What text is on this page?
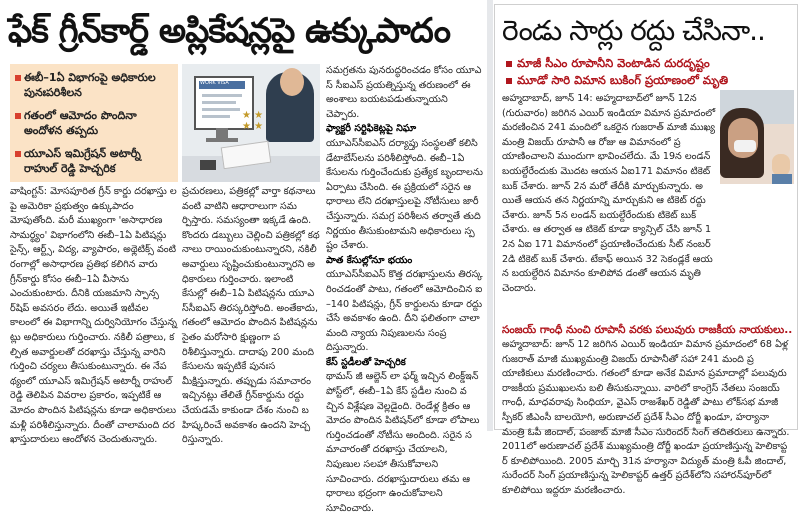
ఫేక్ గ్రీన్‌కార్డ్ అప్లికేషన్లపై ఉక్కుపాదం
ఈబీ–1ఏ విభాగంపై అధికారుల పునఃపరిశీలన
గతంలో ఆమోదం పొందినా అందోళన తప్పదు
యూఎస్ ఇమిగ్రేషన్ అటార్నీ రాహుల్ రెడ్డి హెచ్చరిక
WORK VISA
★ ★
★ ★
వాషింగ్టన్: మోసపూరిత గ్రీన్ కార్డు దరఖాస్తు లపై అమెరికా ప్రభుత్వం ఉక్కుపాదం మోపుతోంది. మరీ ముఖ్యంగా 'అసాధారణ సామర్థ్యం' విభాగంలోని ఈబీ–1ఏ పిటిషన్లు సైన్స్, ఆర్ట్స్, విద్య, వ్యాపారం, అథ్లెటిక్స్ వంటి రంగాల్లో అసాధారణ ప్రతిభ కలిగిన వారు గ్రీన్‌కార్డు కోసం ఈబీ–1ఏ వీసాను ఎంచుకుంటారు. దీనికి యజమాని స్పాన్సర్‌షిప్ అవసరం లేదు. అయితే ఇటీవల కాలంలో ఈ విభాగాన్ని దుర్వినియోగం చేస్తున్నట్లు అధికారులు గుర్తించారు. నకిలీ పత్రాలు, కల్పిత అవార్డులతో దరఖాస్తు చేస్తున్న వారిని గుర్తించి చర్యలు తీసుకుంటున్నారు. ఈ నేపథ్యంలో యూఎస్ ఇమిగ్రేషన్ అటార్నీ రాహుల్ రెడ్డి తెలిపిన వివరాల ప్రకారం, ఇప్పటికే ఆమోదం పొందిన పిటిషన్లను కూడా అధికారులు మళ్లీ పరిశీలిస్తున్నారు. దీంతో చాలామంది దరఖాస్తుదారులు ఆందోళన చెందుతున్నారు.
ప్రచురణలు, పత్రికల్లో వార్తా కథనాలు వంటి వాటిని ఆధారాలుగా సమర్పిస్తారు. సమస్యంతా ఇక్కడే ఉంది. కొందరు డబ్బులు చెల్లించి పత్రికల్లో కథనాలు రాయించుకుంటున్నారని, నకిలీ అవార్డులు సృష్టించుకుంటున్నారని అధికారులు గుర్తించారు. ఇలాంటి కేసుల్లో ఈబీ–1ఏ పిటిషన్లను యూఎస్‌సీఐఎస్ తిరస్కరిస్తోంది. అంతేకాదు, గతంలో ఆమోదం పొందిన పిటిషన్లను సైతం మరోసారి క్షుణ్ణంగా పరిశీలిస్తున్నారు. దాదాపు 200 మంది కేసులను ఇప్పటికే పునఃసమీక్షిస్తున్నారు. తప్పుడు సమాచారం ఇచ్చినట్లు తేలితే గ్రీన్‌కార్డును రద్దు చేయడమే కాకుండా దేశం నుంచి బహిష్కరించే అవకాశం ఉందని హెచ్చరిస్తున్నారు.
సమగ్రతను పునరుద్ధరించడం కోసం యూఎస్ సీఐఎస్ ప్రయత్నిస్తున్న తరుణంలో ఈ అంశాలు బయటపడుతున్నాయని చెప్పారు.
ఫ్యాక్టరీ సర్టిఫికెట్లపై నిఘా
యూఎస్‌సీఐఎస్ దర్యాప్తు సంస్థలతో కలిసి డేటాబేస్‌లను పరిశీలిస్తోంది. ఈబీ–1ఏ కేసులను గుర్తించేందుకు ప్రత్యేక బృందాలను ఏర్పాటు చేసింది. ఈ ప్రక్రియలో సరైన ఆధారాలు లేని దరఖాస్తులపై నోటీసులు జారీ చేస్తున్నారు. సమగ్ర పరిశీలన తర్వాతే తుది నిర్ణయం తీసుకుంటామని అధికారులు స్పష్టం చేశారు.
పాత కేసుల్లోనూ భయం
యూఎస్‌సీఐఎస్ కొత్త దరఖాస్తులను తిరస్కరించడంతో పాటు, గతంలో ఆమోదించిన ఐ–140 పిటిషన్లు, గ్రీన్ కార్డులను కూడా రద్దు చేసే అవకాశం ఉంది. దీని ఫలితంగా చాలా మంది న్యాయ నిపుణులను సంప్రదిస్తున్నారు.
కేస్ స్టడీలతో హెచ్చరిక
థామస్ జీ ఆల్జెన్ లా ఫర్మ్ ఇచ్చిన లింక్డ్‌ఇన్ పోస్ట్‌లో, ఈబీ–1ఏ కేస్ స్టడీల నుంచి వచ్చిన విశ్లేషణ వెల్లడైంది. రెండేళ్ల క్రితం ఆమోదం పొందిన పిటిషన్‌లో కూడా లోపాలు గుర్తించడంతో నోటీసు అందింది. సరైన సమాచారంతో దరఖాస్తు చేయాలని, నిపుణుల సలహా తీసుకోవాలని సూచించారు. దరఖాస్తుదారులు తమ ఆధారాలు భద్రంగా ఉంచుకోవాలని సూచించారు.
రెండు సార్లు రద్దు చేసినా..
మాజీ సీఎం రూపానీని వెంటాడిన దురదృష్టం
మూడో సారి విమాన బుకింగ్ ప్రయాణంలో మృతి
అహ్మదాబాద్, జూన్ 14: అహ్మదాబాద్‌లో జూన్ 12న (గురువారం) జరిగిన ఎయిర్ ఇండియా విమాన ప్రమాదంలో మరణించిన 241 మందిలో ఒకరైన గుజరాత్ మాజీ ముఖ్యమంత్రి విజయ్ రూపానీ ఆ రోజు ఆ విమానంలో ప్రయాణించాలని ముందుగా భావించలేదు. మే 19న లండన్ బయల్దేరేందుకు మొదట ఆయన ఏఐ171 విమానం టికెట్ బుక్ చేశారు. జూన్ 2న మరో తేదీకి మార్చుకున్నారు. అయితే ఆయన తన నిర్ణయాన్ని మార్చుకుని ఆ టికెట్ రద్దు చేశారు. జూన్ 5న లండన్ బయల్దేరేందుకు టికెట్ బుక్ చేశారు. ఆ తర్వాత ఆ టికెట్ కూడా క్యాన్సిల్ చేసి జూన్ 12న ఏఐ 171 విమానంలో ప్రయాణించేందుకు సీట్ నంబర్ 2డి టికెట్ బుక్ చేశారు. టేకాఫ్ అయిన 32 సెకండ్లకే ఆయన బయల్దేరిన విమానం కూలిపోవ డంతో ఆయన మృతి చెందారు.
సంజయ్ గాంధీ నుంచి రూపానీ వరకు పలువురు రాజకీయ నాయకులు..
అహ్మదాబాద్: జూన్ 12 జరిగిన ఎయిర్ ఇండియా విమాన ప్రమాదంలో 68 ఏళ్ల గుజరాత్ మాజీ ముఖ్యమంత్రి విజయ్ రూపానీతో సహా 241 మంది ప్రయాణికులు మరణించారు. గతంలో కూడా అనేక విమాన ప్రమాదాల్లో పలువురు రాజకీయ ప్రముఖులను బలి తీసుకున్నాయి. వారిలో కాంగ్రెస్ నేతలు సంజయ్ గాంధీ, మాధవరావు సింధియా, వైఎస్ రాజశేఖర్ రెడ్డితో పాటు లోక్‌సభ మాజీ స్పీకర్ జీఎంసీ బాలయోగి, అరుణాచల్ ప్రదేశ్ సీఎం దోర్జీ ఖండూ, హర్యానా మంత్రి ఓపీ జిందాల్, పంజాబ్ మాజీ సీఎం సురిందర్ సింగ్ తదితరులు ఉన్నారు. 2011లో అరుణాచల్ ప్రదేశ్ ముఖ్యమంత్రి దోర్జీ ఖండూ ప్రయాణిస్తున్న హెలికాప్టర్ కూలిపోయింది. 2005 మార్చి 31న హర్యానా విద్యుత్ మంత్రి ఓపీ జిందాల్, సురేందర్ సింగ్ ప్రయాణిస్తున్న హెలికాప్టర్ ఉత్తర్ ప్రదేశ్‌లోని సహారన్‌పూర్‌లో కూలిపోయి ఇద్దరూ మరణించారు.
